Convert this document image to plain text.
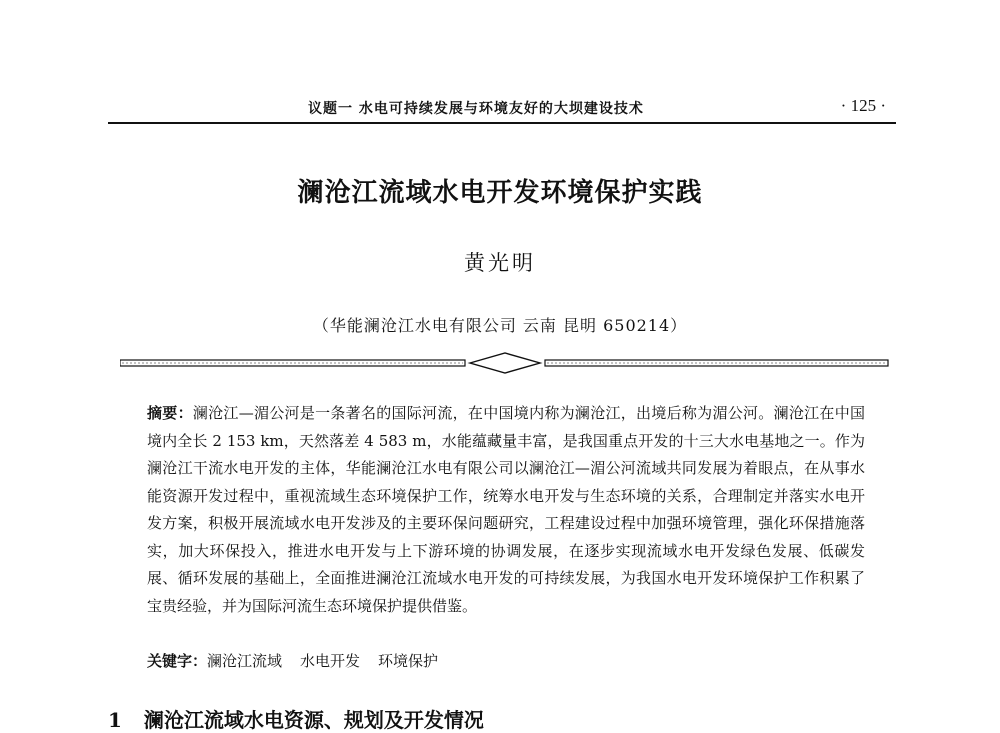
议题一 水电可持续发展与环境友好的大坝建设技术	· 125 ·
澜沧江流域水电开发环境保护实践
黄光明
（华能澜沧江水电有限公司 云南 昆明 650214）
摘要：澜沧江—湄公河是一条著名的国际河流，在中国境内称为澜沧江，出境后称为湄公河。澜沧江在中国境内全长 2 153 km，天然落差 4 583 m，水能蕴藏量丰富，是我国重点开发的十三大水电基地之一。作为澜沧江干流水电开发的主体，华能澜沧江水电有限公司以澜沧江—湄公河流域共同发展为着眼点，在从事水能资源开发过程中，重视流域生态环境保护工作，统筹水电开发与生态环境的关系，合理制定并落实水电开发方案，积极开展流域水电开发涉及的主要环保问题研究，工程建设过程中加强环境管理，强化环保措施落实，加大环保投入，推进水电开发与上下游环境的协调发展，在逐步实现流域水电开发绿色发展、低碳发展、循环发展的基础上，全面推进澜沧江流域水电开发的可持续发展，为我国水电开发环境保护工作积累了宝贵经验，并为国际河流生态环境保护提供借鉴。
关键字：澜沧江流域 水电开发 环境保护
1 澜沧江流域水电资源、规划及开发情况
